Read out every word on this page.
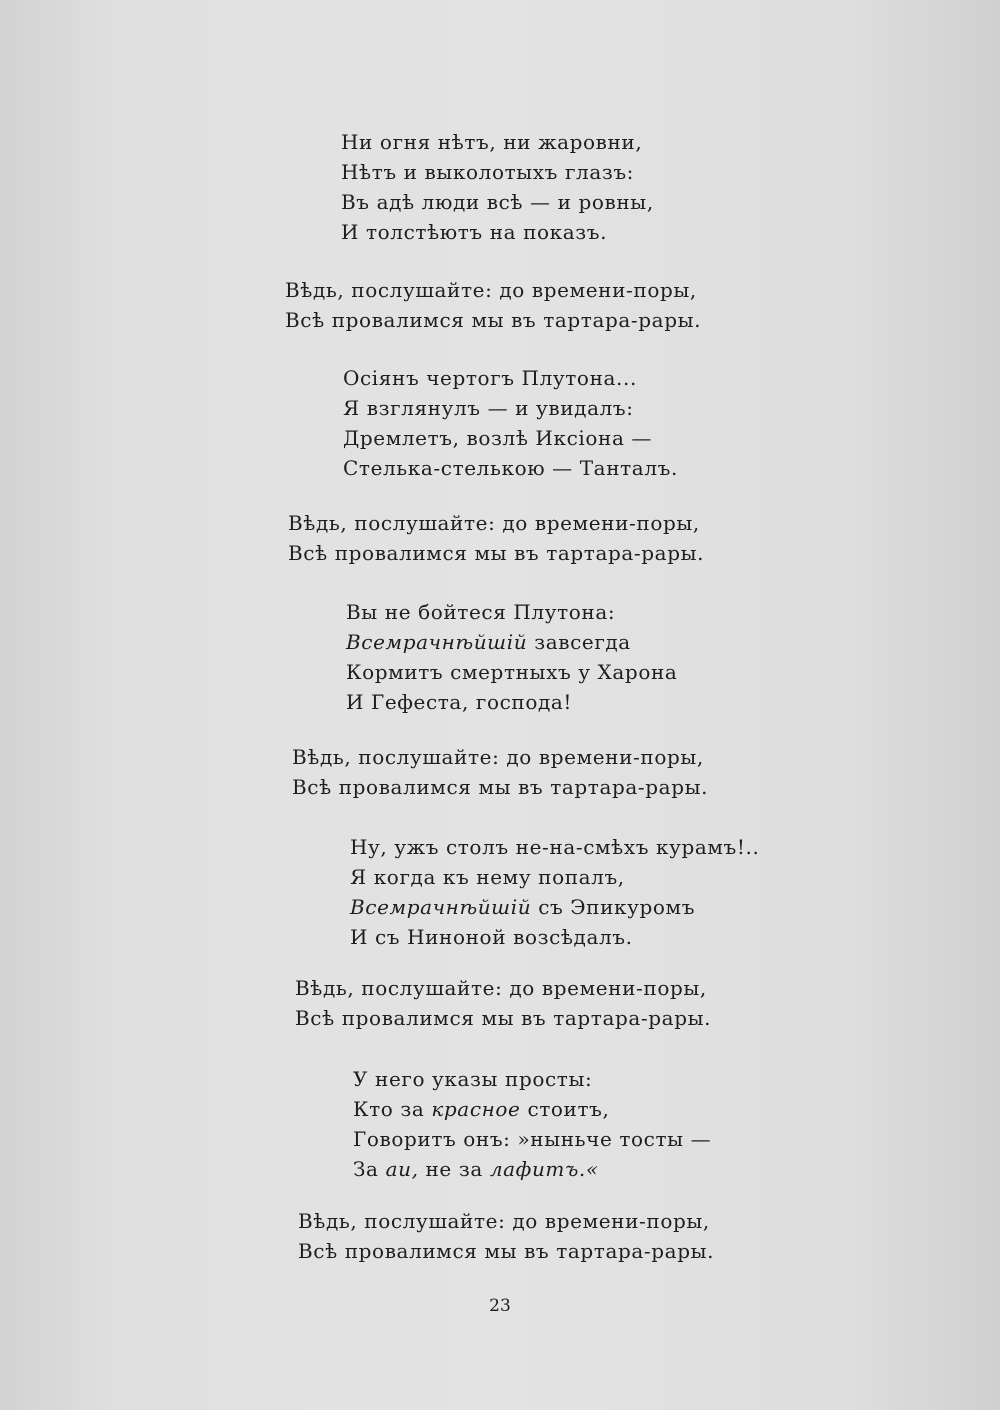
Ни огня нѣтъ, ни жаровни,
Нѣтъ и выколотыхъ глазъ:
Въ адѣ люди всѣ — и ровны,
И толстѣютъ на показъ.
Вѣдь, послушайте: до времени-поры,
Всѣ провалимся мы въ тартара-рары.
Осіянъ чертогъ Плутона...
Я взглянулъ — и увидалъ:
Дремлетъ, возлѣ Иксіона —
Стелька-стелькою — Танталъ.
Вѣдь, послушайте: до времени-поры,
Всѣ провалимся мы въ тартара-рары.
Вы не бойтеся Плутона:
Всемрачнѣйшій завсегда
Кормитъ смертныхъ у Харона
И Гефеста, господа!
Вѣдь, послушайте: до времени-поры,
Всѣ провалимся мы въ тартара-рары.
Ну, ужъ столъ не-на-смѣхъ курамъ!..
Я когда къ нему попалъ,
Всемрачнѣйшій съ Эпикуромъ
И съ Нинoной возсѣдалъ.
Вѣдь, послушайте: до времени-поры,
Всѣ провалимся мы въ тартара-рары.
У него указы просты:
Кто за красное стоитъ,
Говоритъ онъ: »ныньче тосты —
За аи, не за лафитъ.«
Вѣдь, послушайте: до времени-поры,
Всѣ провалимся мы въ тартара-рары.
23
